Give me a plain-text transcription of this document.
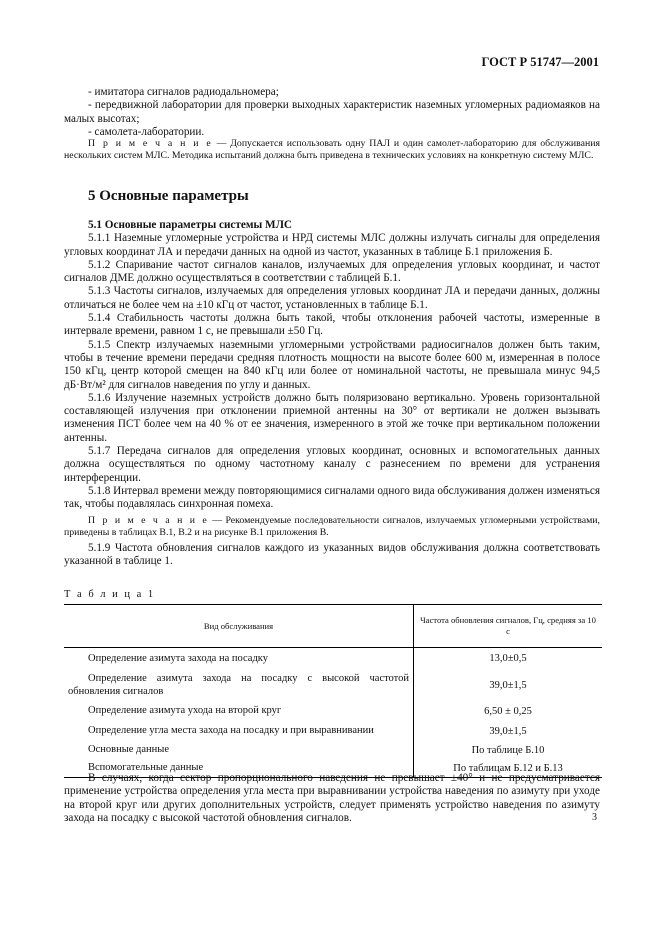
ГОСТ Р 51747—2001

- имитатора сигналов радиодальномера;

- передвижной лаборатории для проверки выходных характеристик наземных угломерных радиомаяков на малых высотах;

- самолета-лаборатории.

П р и м е ч а н и е — Допускается использовать одну ПАЛ и один самолет-лабораторию для обслуживания нескольких систем МЛС. Методика испытаний должна быть приведена в технических условиях на конкретную систему МЛС.

5 Основные параметры

5.1 Основные параметры системы МЛС

5.1.1 Наземные угломерные устройства и НРД системы МЛС должны излучать сигналы для определения угловых координат ЛА и передачи данных на одной из частот, указанных в таблице Б.1 приложения Б.

5.1.2 Спаривание частот сигналов каналов, излучаемых для определения угловых координат, и частот сигналов ДМЕ должно осуществляться в соответствии с таблицей Б.1.

5.1.3 Частоты сигналов, излучаемых для определения угловых координат ЛА и передачи данных, должны отличаться не более чем на ±10 кГц от частот, установленных в таблице Б.1.

5.1.4 Стабильность частоты должна быть такой, чтобы отклонения рабочей частоты, измеренные в интервале времени, равном 1 с, не превышали ±50 Гц.

5.1.5 Спектр излучаемых наземными угломерными устройствами радиосигналов должен быть таким, чтобы в течение времени передачи средняя плотность мощности на высоте более 600 м, измеренная в полосе 150 кГц, центр которой смещен на 840 кГц или более от номинальной частоты, не превышала минус 94,5 дБ·Вт/м² для сигналов наведения по углу и данных.

5.1.6 Излучение наземных устройств должно быть поляризовано вертикально. Уровень горизонтальной составляющей излучения при отклонении приемной антенны на 30° от вертикали не должен вызывать изменения ПСТ более чем на 40 % от ее значения, измеренного в этой же точке при вертикальном положении антенны.

5.1.7 Передача сигналов для определения угловых координат, основных и вспомогательных данных должна осуществляться по одному частотному каналу с разнесением по времени для устранения интерференции.

5.1.8 Интервал времени между повторяющимися сигналами одного вида обслуживания должен изменяться так, чтобы подавлялась синхронная помеха.

П р и м е ч а н и е — Рекомендуемые последовательности сигналов, излучаемых угломерными устройствами, приведены в таблицах В.1, В.2 и на рисунке В.1 приложения В.

5.1.9 Частота обновления сигналов каждого из указанных видов обслуживания должна соответствовать указанной в таблице 1.

Т а б л и ц а 1
Вид обслуживания	Частота обновления сигналов, Гц, средняя за 10 с
Определение азимута захода на посадку	13,0±0,5
Определение азимута захода на посадку с высокой частотой обновления сигналов	39,0±1,5
Определение азимута ухода на второй круг	6,50 ± 0,25
Определение угла места захода на посадку и при выравнивании	39,0±1,5
Основные данные	По таблице Б.10
Вспомогательные данные	По таблицам Б.12 и Б.13

В случаях, когда сектор пропорционального наведения не превышает ±40° и не предусматривается применение устройства определения угла места при выравнивании устройства наведения по азимуту при уходе на второй круг или других дополнительных устройств, следует применять устройство наведения по азимуту захода на посадку с высокой частотой обновления сигналов.	3
